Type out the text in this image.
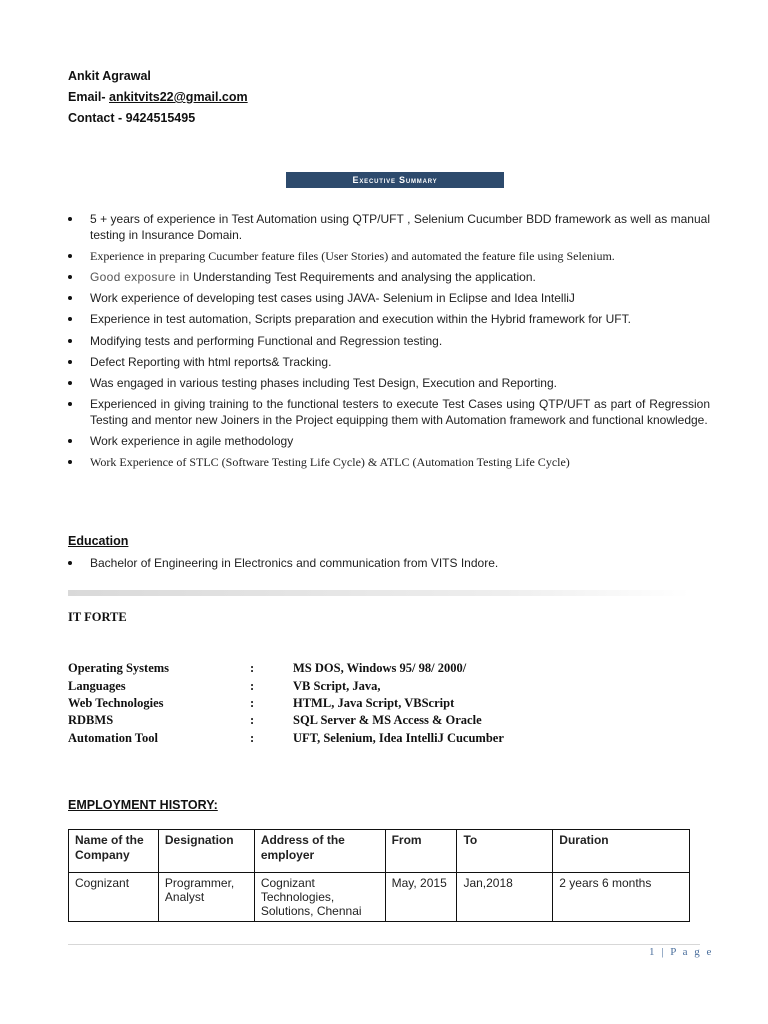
Ankit Agrawal
Email- ankitvits22@gmail.com
Contact - 9424515495
Executive Summary
5 + years of experience in Test Automation using QTP/UFT , Selenium Cucumber BDD framework as well as manual testing in Insurance Domain.
Experience in preparing Cucumber feature files (User Stories) and automated the feature file using Selenium.
Good exposure in Understanding Test Requirements and analysing the application.
Work experience of developing test cases using JAVA- Selenium in Eclipse and Idea IntelliJ
Experience in test automation, Scripts preparation and execution within the Hybrid framework for UFT.
Modifying tests and performing Functional and Regression testing.
Defect Reporting with html reports& Tracking.
Was engaged in various testing phases including Test Design, Execution and Reporting.
Experienced in giving training to the functional testers to execute Test Cases using QTP/UFT as part of Regression Testing and mentor new Joiners in the Project equipping them with Automation framework and functional knowledge.
Work experience in agile methodology
Work Experience of STLC (Software Testing Life Cycle) & ATLC (Automation Testing Life Cycle)
Education
Bachelor of Engineering in Electronics and communication from VITS Indore.
IT FORTE
Operating Systems	:	MS DOS, Windows 95/ 98/ 2000/
Languages	:	VB Script, Java,
Web Technologies	:	HTML, Java Script, VBScript
RDBMS	:	SQL Server & MS Access & Oracle
Automation Tool	:	UFT, Selenium, Idea IntelliJ Cucumber
EMPLOYMENT HISTORY:
Name of the Company	Designation	Address of the employer	From	To	Duration
Cognizant	Programmer, Analyst	Cognizant Technologies, Solutions, Chennai	May, 2015	Jan,2018	2 years 6 months
1 | P a g e
